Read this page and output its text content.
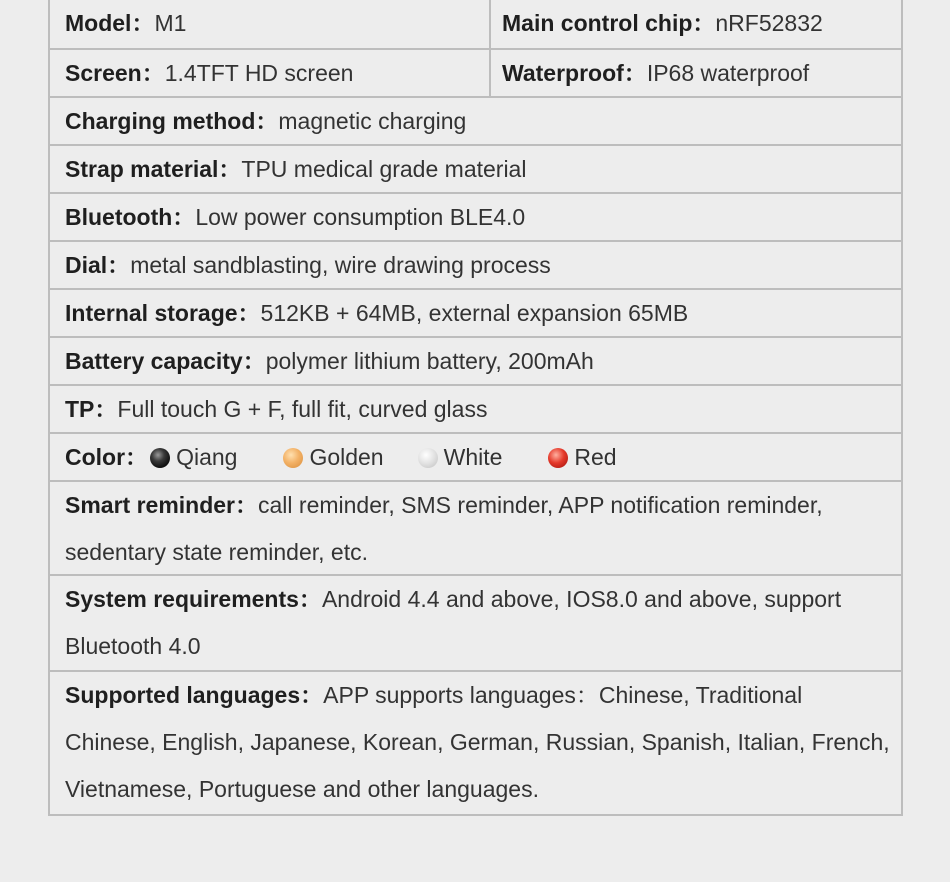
Model：M1	Main control chip：nRF52832
Screen：1.4TFT HD screen	Waterproof：IP68 waterproof
Charging method：magnetic charging
Strap material：TPU medical grade material
Bluetooth：Low power consumption BLE4.0
Dial：metal sandblasting, wire drawing process
Internal storage：512KB + 64MB, external expansion 65MB
Battery capacity：polymer lithium battery, 200mAh
TP：Full touch G + F, full fit, curved glass
Color： Qiang	Golden	White	Red
Smart reminder：call reminder, SMS reminder, APP notification reminder, sedentary state reminder, etc.
System requirements：Android 4.4 and above, IOS8.0 and above, support Bluetooth 4.0
Supported languages：APP supports languages：Chinese, Traditional Chinese, English, Japanese, Korean, German, Russian, Spanish, Italian, French, Vietnamese, Portuguese and other languages.
